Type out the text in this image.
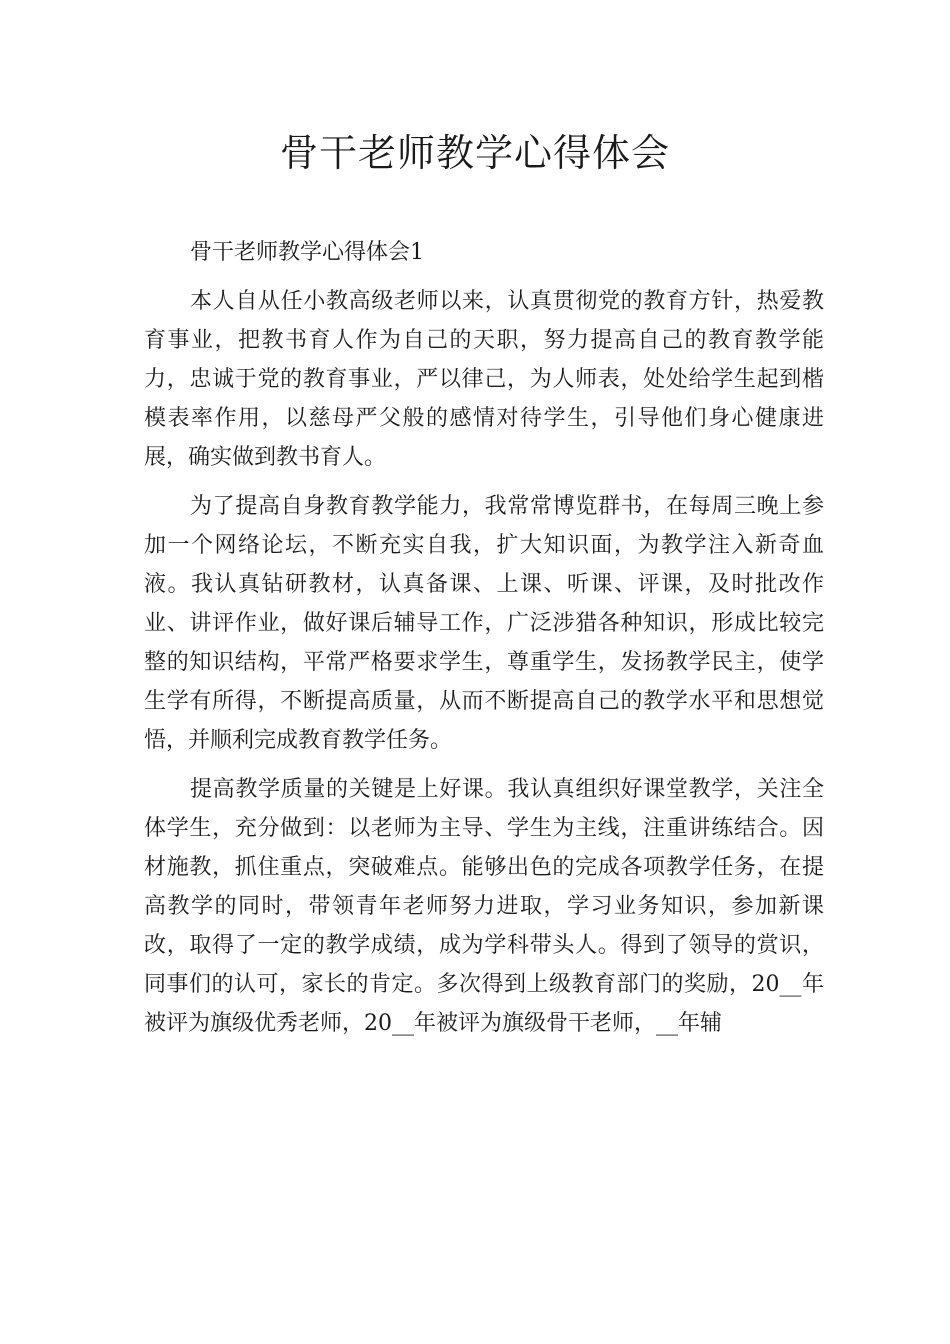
骨干老师教学心得体会

骨干老师教学心得体会1

本人自从任小教高级老师以来，认真贯彻党的教育方针，热爱教育事业，把教书育人作为自己的天职，努力提高自己的教育教学能力，忠诚于党的教育事业，严以律己，为人师表，处处给学生起到楷模表率作用，以慈母严父般的感情对待学生，引导他们身心健康进展，确实做到教书育人。

为了提高自身教育教学能力，我常常博览群书，在每周三晚上参加一个网络论坛，不断充实自我，扩大知识面，为教学注入新奇血液。我认真钻研教材，认真备课、上课、听课、评课，及时批改作业、讲评作业，做好课后辅导工作，广泛涉猎各种知识，形成比较完整的知识结构，平常严格要求学生，尊重学生，发扬教学民主，使学生学有所得，不断提高质量，从而不断提高自己的教学水平和思想觉悟，并顺利完成教育教学任务。

提高教学质量的关键是上好课。我认真组织好课堂教学，关注全体学生，充分做到：以老师为主导、学生为主线，注重讲练结合。因材施教，抓住重点，突破难点。能够出色的完成各项教学任务，在提高教学的同时，带领青年老师努力进取，学习业务知识，参加新课改，取得了一定的教学成绩，成为学科带头人。得到了领导的赏识，同事们的认可，家长的肯定。多次得到上级教育部门的奖励，20__年被评为旗级优秀老师，20__年被评为旗级骨干老师，__年辅
